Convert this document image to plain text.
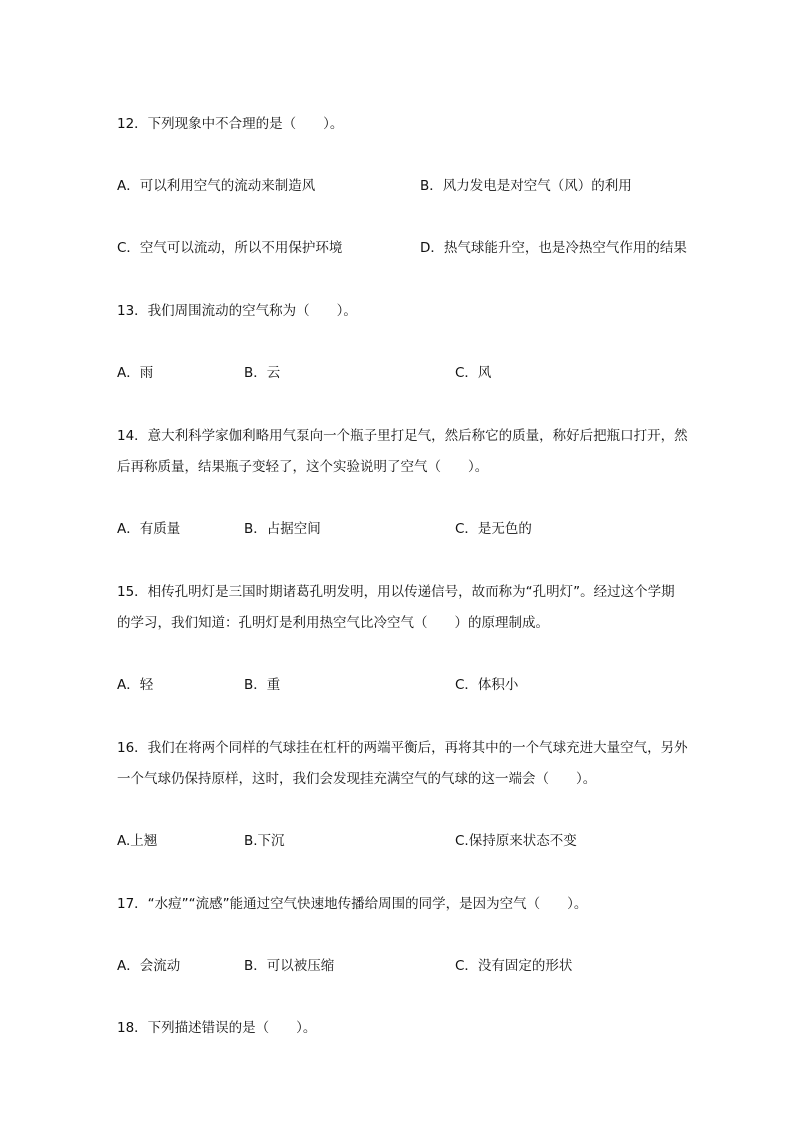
12．下列现象中不合理的是（　　）。
A．可以利用空气的流动来制造风	B．风力发电是对空气（风）的利用
C．空气可以流动，所以不用保护环境	D．热气球能升空，也是冷热空气作用的结果
13．我们周围流动的空气称为（　　）。
A．雨	B．云	C．风
14．意大利科学家伽利略用气泵向一个瓶子里打足气，然后称它的质量，称好后把瓶口打开，然
后再称质量，结果瓶子变轻了，这个实验说明了空气（　　）。
A．有质量	B．占据空间	C．是无色的
15．相传孔明灯是三国时期诸葛孔明发明，用以传递信号，故而称为“孔明灯”。经过这个学期
的学习，我们知道：孔明灯是利用热空气比冷空气（　　）的原理制成。
A．轻	B．重	C．体积小
16．我们在将两个同样的气球挂在杠杆的两端平衡后，再将其中的一个气球充进大量空气，另外
一个气球仍保持原样，这时，我们会发现挂充满空气的气球的这一端会（　　）。
A.上翘	B.下沉	C.保持原来状态不变
17．“水痘”“流感”能通过空气快速地传播给周围的同学，是因为空气（　　）。
A．会流动	B．可以被压缩	C．没有固定的形状
18．下列描述错误的是（　　）。
